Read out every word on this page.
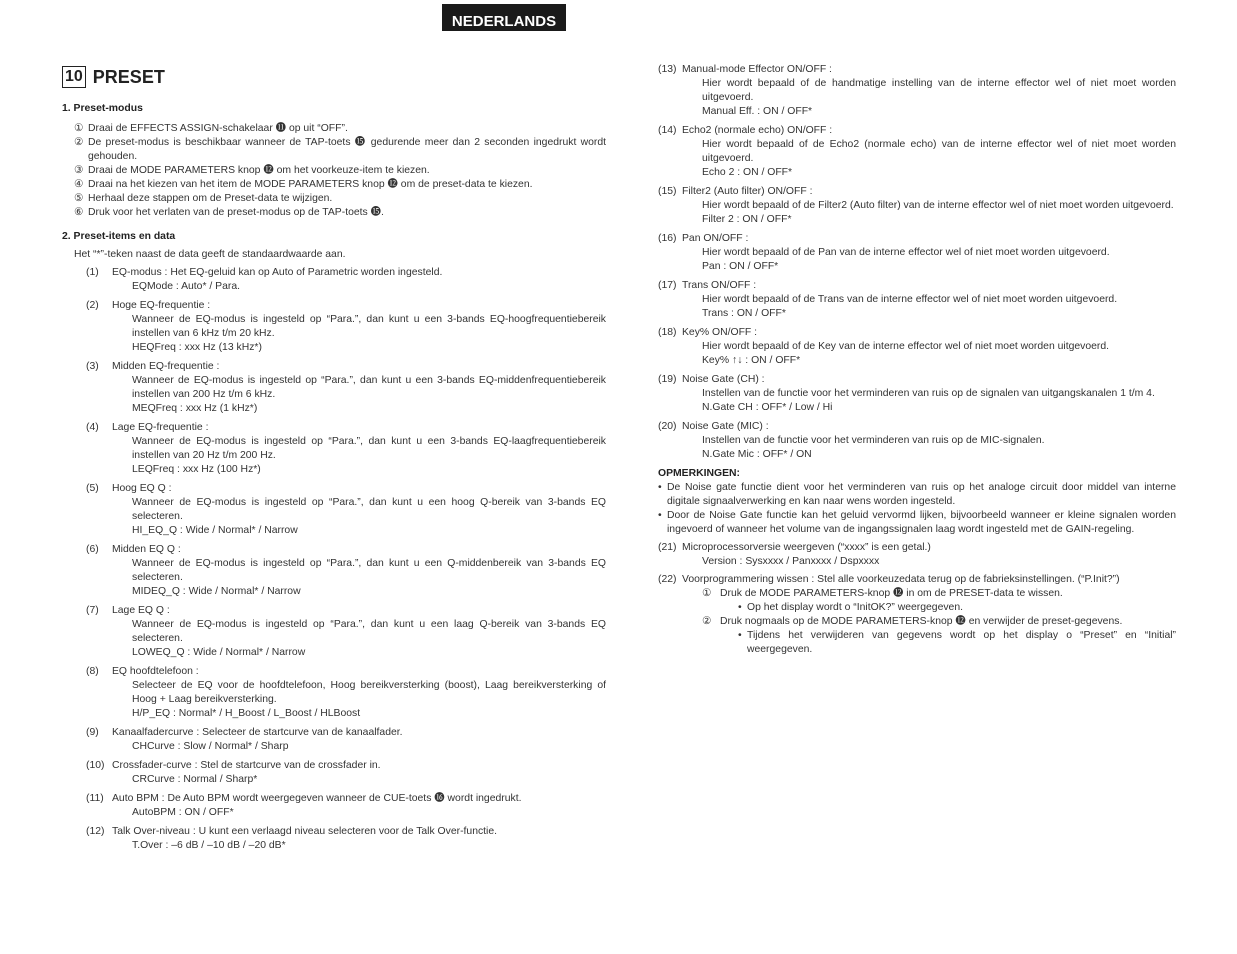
NEDERLANDS
10 PRESET
1. Preset-modus
① Draai de EFFECTS ASSIGN-schakelaar ⓫ op uit “OFF”.
② De preset-modus is beschikbaar wanneer de TAP-toets ⓯ gedurende meer dan 2 seconden ingedrukt wordt gehouden.
③ Draai de MODE PARAMETERS knop ⓬ om het voorkeuze-item te kiezen.
④ Draai na het kiezen van het item de MODE PARAMETERS knop ⓬ om de preset-data te kiezen.
⑤ Herhaal deze stappen om de Preset-data te wijzigen.
⑥ Druk voor het verlaten van de preset-modus op de TAP-toets ⓯.
2. Preset-items en data
Het “*”-teken naast de data geeft de standaardwaarde aan.
(1)	EQ-modus : Het EQ-geluid kan op Auto of Parametric worden ingesteld.
EQMode : Auto* / Para.
(2)	Hoge EQ-frequentie :
Wanneer de EQ-modus is ingesteld op “Para.”, dan kunt u een 3-bands EQ-hoogfrequentiebereik instellen van 6 kHz t/m 20 kHz.
HEQFreq : xxx Hz (13 kHz*)
(3)	Midden EQ-frequentie :
Wanneer de EQ-modus is ingesteld op “Para.”, dan kunt u een 3-bands EQ-middenfrequentiebereik instellen van 200 Hz t/m 6 kHz.
MEQFreq : xxx Hz (1 kHz*)
(4)	Lage EQ-frequentie :
Wanneer de EQ-modus is ingesteld op “Para.”, dan kunt u een 3-bands EQ-laagfrequentiebereik instellen van 20 Hz t/m 200 Hz.
LEQFreq : xxx Hz (100 Hz*)
(5)	Hoog EQ Q :
Wanneer de EQ-modus is ingesteld op “Para.”, dan kunt u een hoog Q-bereik van 3-bands EQ selecteren.
HI_EQ_Q : Wide / Normal* / Narrow
(6)	Midden EQ Q :
Wanneer de EQ-modus is ingesteld op “Para.”, dan kunt u een Q-middenbereik van 3-bands EQ selecteren.
MIDEQ_Q : Wide / Normal* / Narrow
(7)	Lage EQ Q :
Wanneer de EQ-modus is ingesteld op “Para.”, dan kunt u een laag Q-bereik van 3-bands EQ selecteren.
LOWEQ_Q : Wide / Normal* / Narrow
(8)	EQ hoofdtelefoon :
Selecteer de EQ voor de hoofdtelefoon, Hoog bereikversterking (boost), Laag bereikversterking of Hoog + Laag bereikversterking.
H/P_EQ : Normal* / H_Boost / L_Boost / HLBoost
(9)	Kanaalfadercurve : Selecteer de startcurve van de kanaalfader.
CHCurve : Slow / Normal* / Sharp
(10) Crossfader-curve : Stel de startcurve van de crossfader in.
CRCurve : Normal / Sharp*
(11) Auto BPM : De Auto BPM wordt weergegeven wanneer de CUE-toets ⓰ wordt ingedrukt.
AutoBPM : ON / OFF*
(12) Talk Over-niveau : U kunt een verlaagd niveau selecteren voor de Talk Over-functie.
T.Over : –6 dB / –10 dB / –20 dB*
(13) Manual-mode Effector ON/OFF :
Hier wordt bepaald of de handmatige instelling van de interne effector wel of niet moet worden uitgevoerd.
Manual Eff. : ON / OFF*
(14) Echo2 (normale echo) ON/OFF :
Hier wordt bepaald of de Echo2 (normale echo) van de interne effector wel of niet moet worden uitgevoerd.
Echo 2 : ON / OFF*
(15) Filter2 (Auto filter) ON/OFF :
Hier wordt bepaald of de Filter2 (Auto filter) van de interne effector wel of niet moet worden uitgevoerd.
Filter 2 : ON / OFF*
(16) Pan ON/OFF :
Hier wordt bepaald of de Pan van de interne effector wel of niet moet worden uitgevoerd.
Pan : ON / OFF*
(17) Trans ON/OFF :
Hier wordt bepaald of de Trans van de interne effector wel of niet moet worden uitgevoerd.
Trans : ON / OFF*
(18) Key% ON/OFF :
Hier wordt bepaald of de Key van de interne effector wel of niet moet worden uitgevoerd.
Key% ↑↓ : ON / OFF*
(19) Noise Gate (CH) :
Instellen van de functie voor het verminderen van ruis op de signalen van uitgangskanalen 1 t/m 4.
N.Gate CH : OFF* / Low / Hi
(20) Noise Gate (MIC) :
Instellen van de functie voor het verminderen van ruis op de MIC-signalen.
N.Gate Mic : OFF* / ON
OPMERKINGEN:
• De Noise gate functie dient voor het verminderen van ruis op het analoge circuit door middel van interne digitale signaalverwerking en kan naar wens worden ingesteld.
• Door de Noise Gate functie kan het geluid vervormd lijken, bijvoorbeeld wanneer er kleine signalen worden ingevoerd of wanneer het volume van de ingangssignalen laag wordt ingesteld met de GAIN-regeling.
(21) Microprocessorversie weergeven (“xxxx” is een getal.)
Version : Sysxxxx / Panxxxx / Dspxxxx
(22) Voorprogrammering wissen : Stel alle voorkeuzedata terug op de fabrieksinstellingen. (“P.Init?”)
① Druk de MODE PARAMETERS-knop ⓬ in om de PRESET-data te wissen.
• Op het display wordt o “InitOK?” weergegeven.
② Druk nogmaals op de MODE PARAMETERS-knop ⓬ en verwijder de preset-gegevens.
• Tijdens het verwijderen van gegevens wordt op het display o “Preset” en “Initial” weergegeven.
